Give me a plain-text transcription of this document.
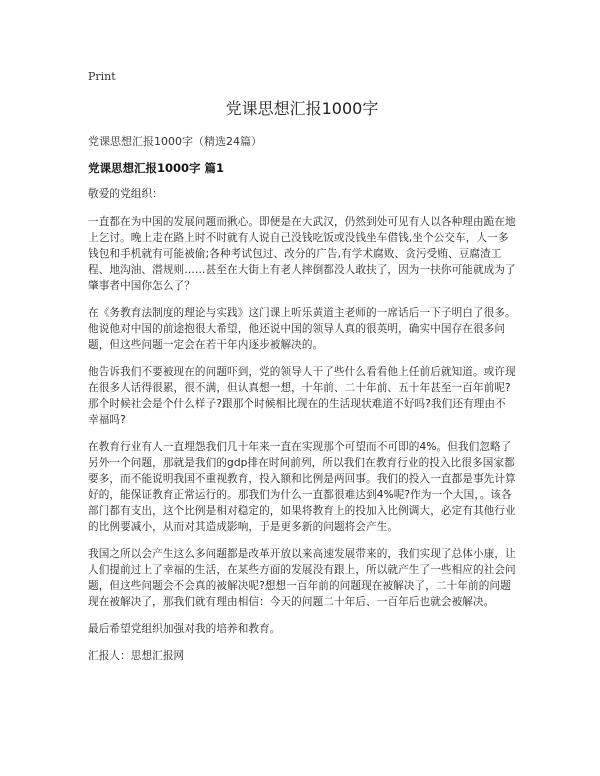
Print
党课思想汇报1000字
党课思想汇报1000字（精选24篇）
党课思想汇报1000字 篇1

敬爱的党组织：

一直都在为中国的发展问题而揪心。即便是在大武汉，仍然到处可见有人以各种理由跪在地上乞讨。晚上走在路上时不时就有人说自己没钱吃饭或没钱坐车借钱,坐个公交车，人一多钱包和手机就有可能被偷;各种考试包过、改分的广告,有学术腐败、贪污受贿、豆腐渣工程、地沟油、潜规则……甚至在大街上有老人摔倒都没人敢扶了，因为一扶你可能就成为了肇事者中国你怎么了？

在《务教育法制度的理论与实践》这门课上听乐黄道主老师的一席话后一下子明白了很多。他说他对中国的前途抱很大希望，他还说中国的领导人真的很英明，确实中国存在很多问题，但这些问题一定会在若干年内逐步被解决的。

他告诉我们不要被现在的问题吓到，党的领导人干了些什么看看他上任前后就知道。或许现在很多人话得很累，很不满，但认真想一想，十年前、二十年前、五十年甚至一百年前呢?那个时候社会是个什么样子?跟那个时候相比现在的生活现状难道不好吗?我们还有理由不幸福吗?

在教育行业有人一直埋怨我们几十年来一直在实现那个可望而不可即的4%。但我们忽略了另外一个问题，那就是我们的gdp排在时间前列，所以我们在教育行业的投入比很多国家都要多，而不能说明我国不重视教育，投入额和比例是两回事。我们的投入一直都是事先计算好的，能保证教育正常运行的。那我们为什么一直都很难达到4%呢?作为一个大国，。该各部门都有支出，这个比例是相对稳定的，如果将教育上的投加入比例调大，必定有其他行业的比例要减小，从而对其造成影响，于是更多新的问题将会产生。

我国之所以会产生这么多问题都是改革开放以来高速发展带来的，我们实现了总体小康，让人们提前过上了幸福的生活，在某些方面的发展没有跟上，所以就产生了一些相应的社会问题，但这些问题会不会真的被解决呢?想想一百年前的问题现在被解决了，二十年前的问题现在被解决了，那我们就有理由相信：今天的问题二十年后、一百年后也就会被解决。

最后希望党组织加强对我的培养和教育。

汇报人：思想汇报网
